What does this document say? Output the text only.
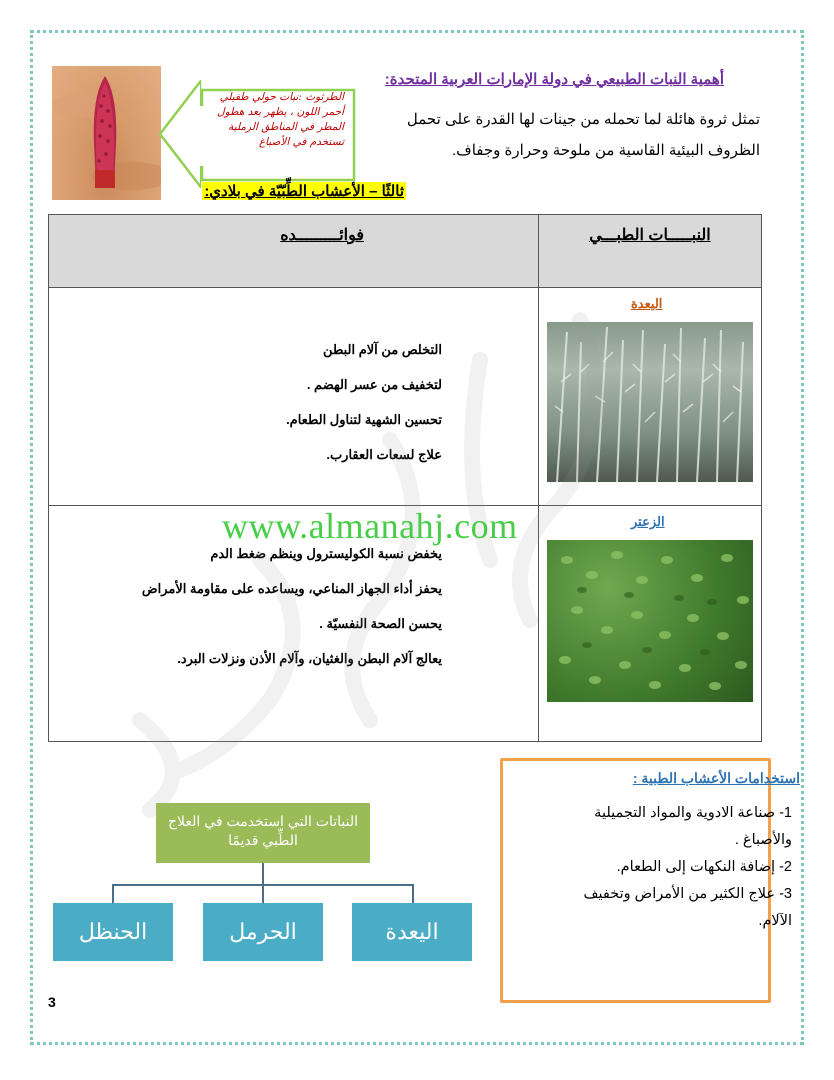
الطرثوث :نبات حولي طفيلي أحمر اللون ، يظهر بعد هطول المطر في المناطق الرملية تستخدم في الأصباغ
أهمية النبات الطبيعي في دولة الإمارات العربية المتحدة:
تمثل ثروة هائلة لما تحمله من جينات لها القدرة على تحمل الظروف البيئية القاسية من ملوحة وحرارة وجفاف.
ثالثًا – الأعشاب الطِّبّيّة في بلادي:
النبـــــات الطبـــي	فوائـــــــــده

اليعدة	التخلص من آلام البطن

لتخفيف من عسر الهضم .

تحسين الشهية لتناول الطعام.

علاج لسعات العقارب.

الزعتر	يخفض نسبة الكوليسترول وينظم ضغط الدم

يحفز أداء الجهاز المناعي، ويساعده على مقاومة الأمراض

يحسن الصحة النفسيّة .

يعالج آلام البطن والغثيان، وآلام الأذن ونزلات البرد.

www.almanahj.com
استخدامات الأعشاب الطبية :

1- صناعة الادوية والمواد التجميلية والأصباغ .

2- إضافة النكهات إلى الطعام.

3- علاج الكثير من الأمراض وتخفيف الآلام.

النباتات التي استخدمت في العلاج الطِّبي قديمًا
الحنظل	الحرمل	اليعدة
3
